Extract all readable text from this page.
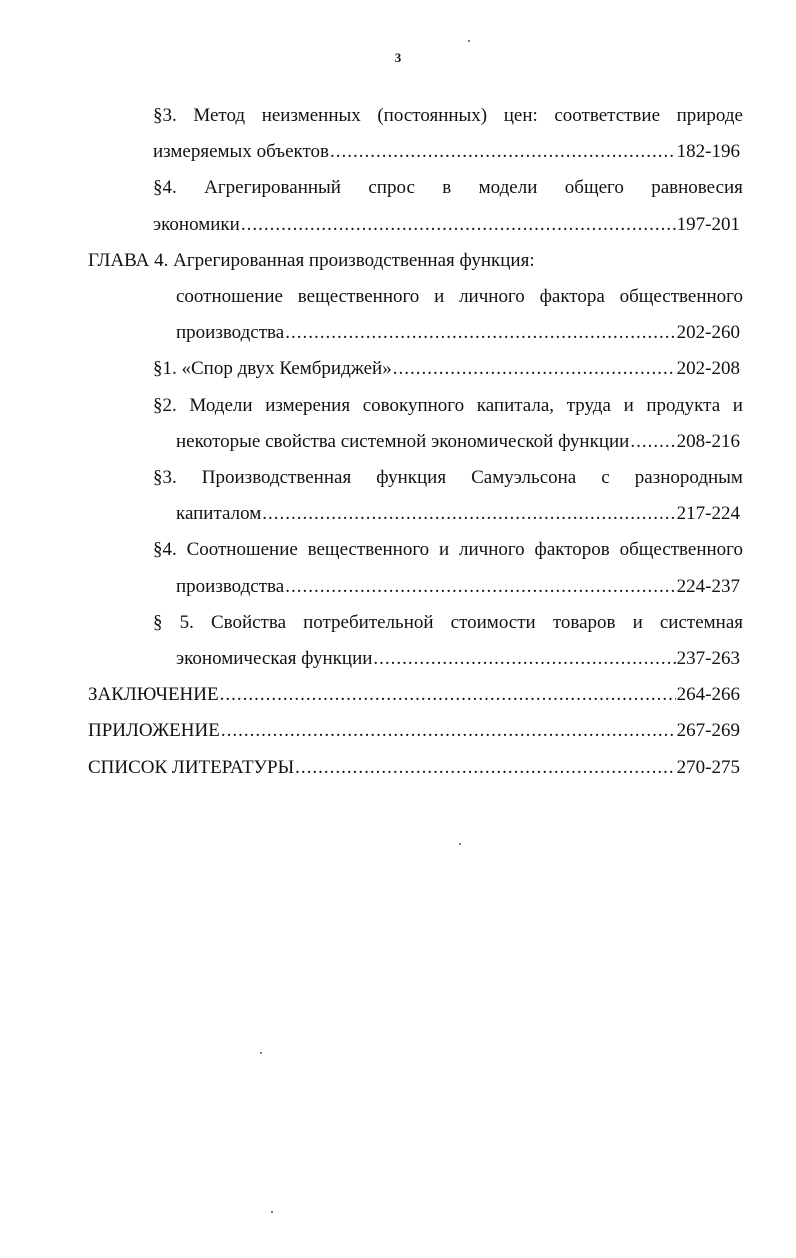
3
§3. Метод неизменных (постоянных) цен: соответствие природе
измеряемых объектов .....	182-196
§4. Агрегированный спрос в модели общего равновесия
экономики .....	197-201
ГЛАВА 4. Агрегированная производственная функция:
соотношение вещественного и личного фактора общественного
производства .....	202-260
§1. «Спор двух Кембриджей» .....	202-208
§2. Модели измерения совокупного капитала, труда и продукта и
некоторые свойства системной экономической функции ..... 208-216
§3. Производственная функция Самуэльсона с разнородным
капиталом .....	217-224
§4. Соотношение вещественного и личного факторов общественного
производства .....	224-237
§ 5. Свойства потребительной стоимости товаров и системная
экономическая функции .....	237-263
ЗАКЛЮЧЕНИЕ .....	264-266
ПРИЛОЖЕНИЕ .....	267-269
СПИСОК ЛИТЕРАТУРЫ .....	270-275
